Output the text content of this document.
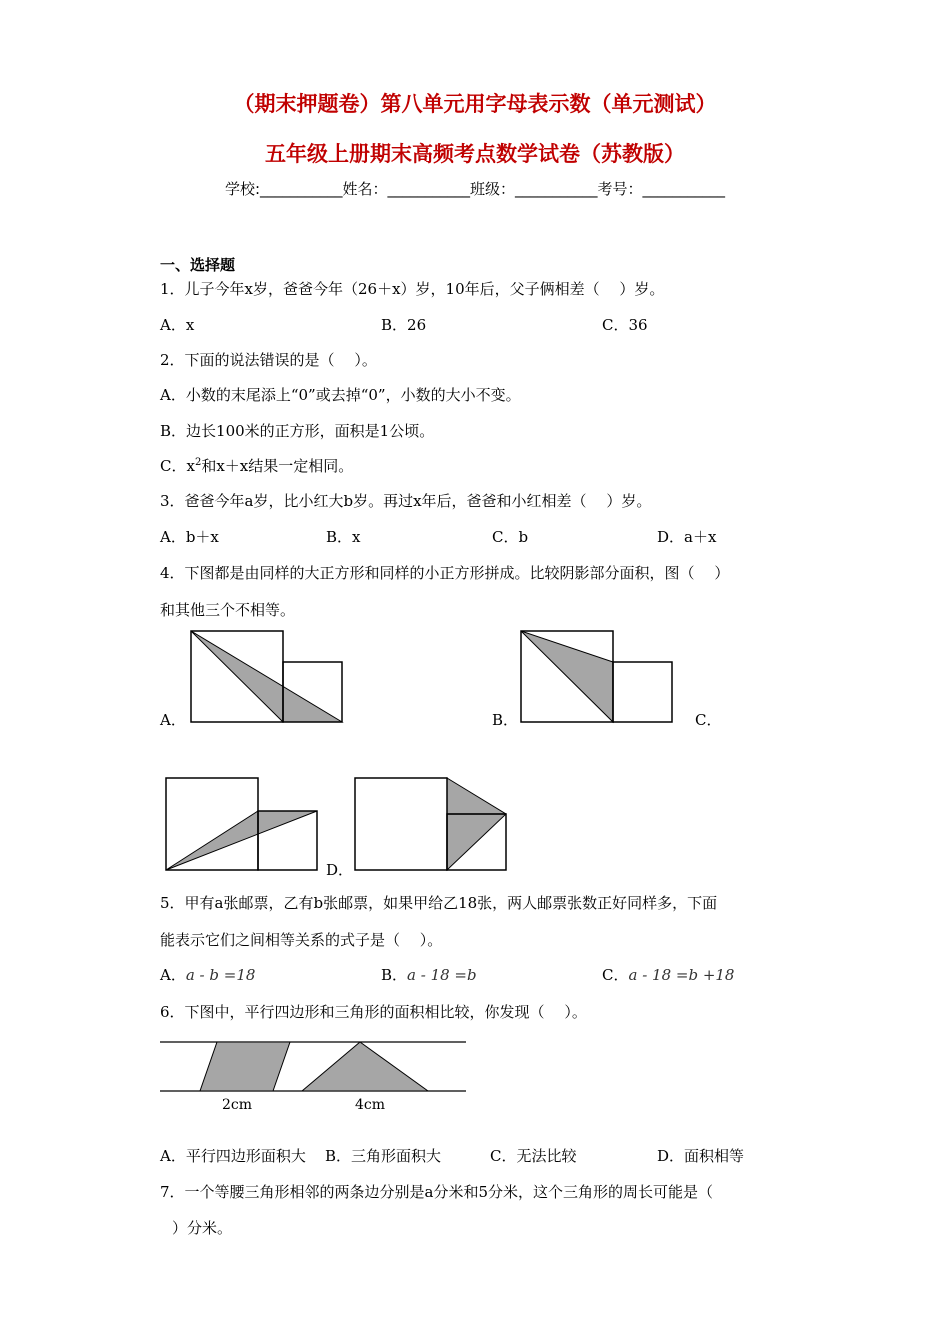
（期末押题卷）第八单元用字母表示数（单元测试）
五年级上册期末高频考点数学试卷（苏教版）
学校:___________姓名：___________班级：___________考号：___________
一、选择题
1．儿子今年x岁，爸爸今年（26＋x）岁，10年后，父子俩相差（　 ）岁。
A．x	B．26	C．36
2．下面的说法错误的是（　 ）。
A．小数的末尾添上“0”或去掉“0”，小数的大小不变。
B．边长100米的正方形，面积是1公顷。
C．$x^2$和x＋x结果一定相同。
3．爸爸今年a岁，比小红大b岁。再过x年后，爸爸和小红相差（　 ）岁。
A．b＋x	B．x	C．b	D．a＋x
4．下图都是由同样的大正方形和同样的小正方形拼成。比较阴影部分面积，图（　 ）
和其他三个不相等。
A．	B．	C．
D．
5．甲有a张邮票，乙有b张邮票，如果甲给乙18张，两人邮票张数正好同样多，下面
能表示它们之间相等关系的式子是（　 ）。
A．a - b =18	B．a - 18 =b	C．a - 18 =b +18
6．下图中，平行四边形和三角形的面积相比较，你发现（　 ）。
2cm	4cm
A．平行四边形面积大 B．三角形面积大	C．无法比较	D．面积相等
7．一个等腰三角形相邻的两条边分别是a分米和5分米，这个三角形的周长可能是（
）分米。
